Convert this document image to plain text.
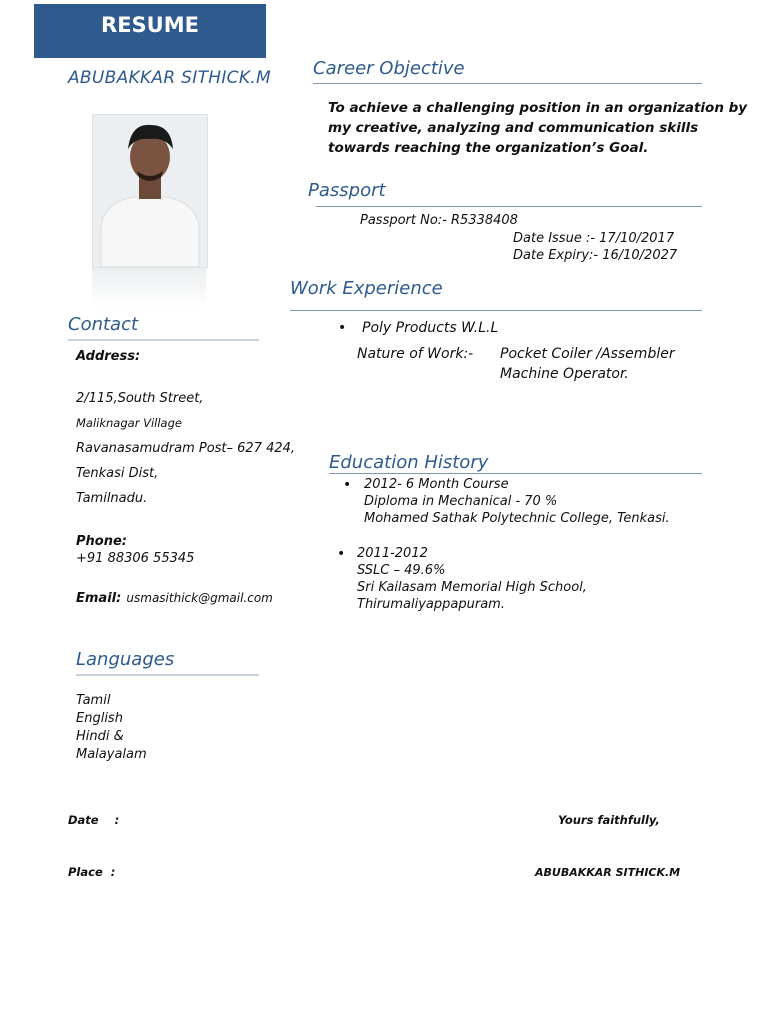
RESUME
ABUBAKKAR SITHICK.M Career Objective
To achieve a challenging position in an organization by
my creative, analyzing and communication skills
towards reaching the organization’s Goal.
Passport
Passport No:- R5338408
Date Issue :- 17/10/2017
Date Expiry:- 16/10/2027
Work Experience
• Poly Products W.L.L
Nature of Work:- Pocket Coiler /Assembler
Machine Operator.
Education History
• 2012- 6 Month Course
Diploma in Mechanical - 70 %
Mohamed Sathak Polytechnic College, Tenkasi.
• 2011-2012
SSLC – 49.6%
Sri Kailasam Memorial High School,
Thirumaliyappapuram.
Contact
Address:
2/115,South Street,
Maliknagar Village
Ravanasamudram Post– 627 424,
Tenkasi Dist,
Tamilnadu.
Phone:
+91 88306 55345
Email: usmasithick@gmail.com
Languages
Tamil
English
Hindi &
Malayalam
Date    :
Place  :
Yours faithfully,
ABUBAKKAR SITHICK.M
